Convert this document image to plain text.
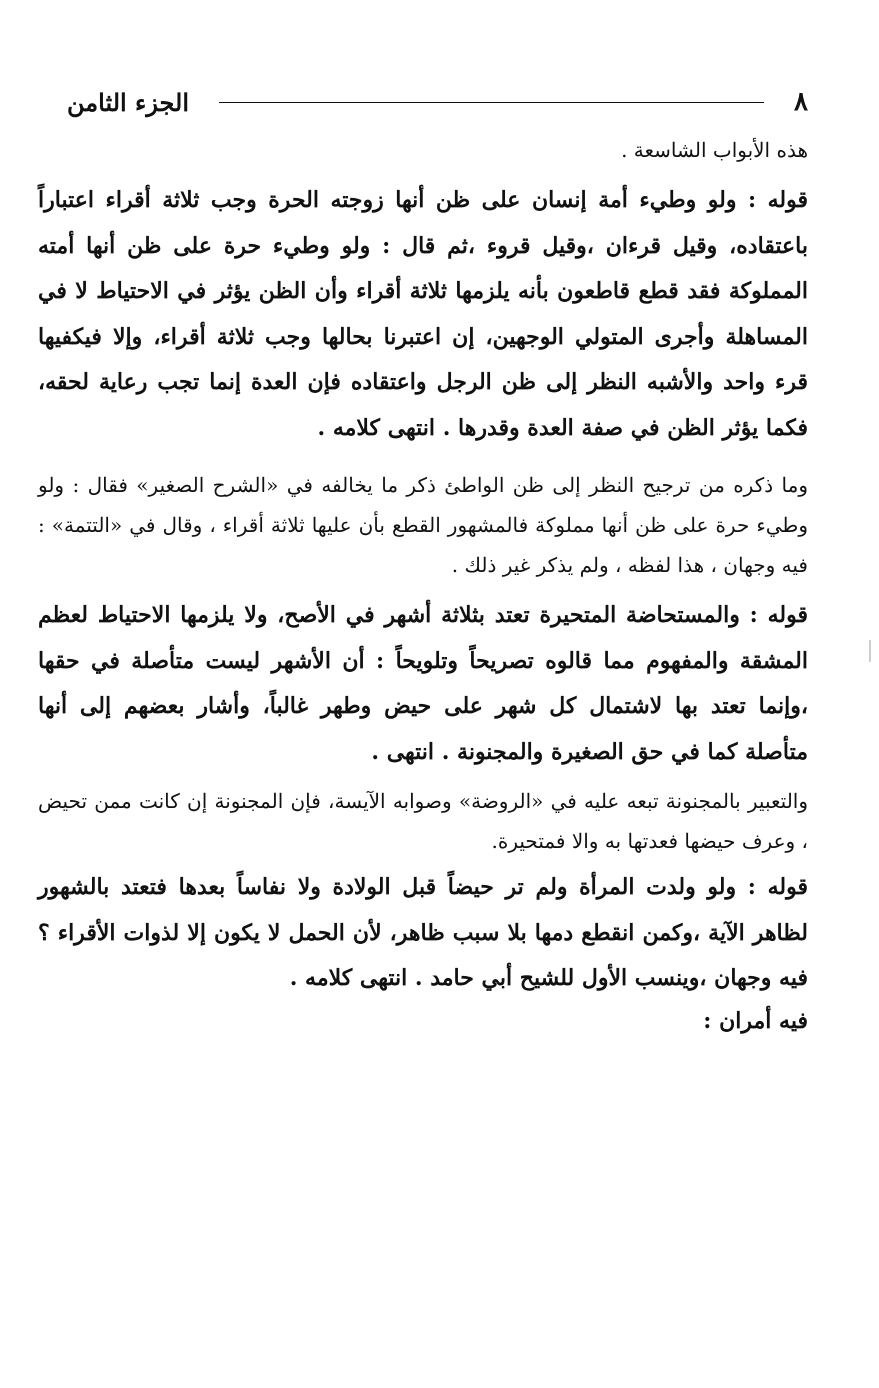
٨
الجزء الثامن

هذه الأبواب الشاسعة .

قوله : ولو وطيء أمة إنسان على ظن أنها زوجته الحرة وجب ثلاثة أقراء اعتباراً باعتقاده، وقيل قرءان ،وقيل قروء ،ثم قال : ولو وطيء حرة على ظن أنها أمته المملوكة فقد قطع قاطعون بأنه يلزمها ثلاثة أقراء وأن الظن يؤثر في الاحتياط لا في المساهلة وأجرى المتولي الوجهين، إن اعتبرنا بحالها وجب ثلاثة أقراء، وإلا فيكفيها قرء واحد والأشبه النظر إلى ظن الرجل واعتقاده فإن العدة إنما تجب رعاية لحقه، فكما يؤثر الظن في صفة العدة وقدرها . انتهى كلامه .

وما ذكره من ترجيح النظر إلى ظن الواطئ ذكر ما يخالفه في «الشرح الصغير» فقال : ولو وطيء حرة على ظن أنها مملوكة فالمشهور القطع بأن عليها ثلاثة أقراء ، وقال في «التتمة» : فيه وجهان ، هذا لفظه ، ولم يذكر غير ذلك .

قوله : والمستحاضة المتحيرة تعتد بثلاثة أشهر في الأصح، ولا يلزمها الاحتياط لعظم المشقة والمفهوم مما قالوه تصريحاً وتلويحاً : أن الأشهر ليست متأصلة في حقها ،وإنما تعتد بها لاشتمال كل شهر على حيض وطهر غالباً، وأشار بعضهم إلى أنها متأصلة كما في حق الصغيرة والمجنونة . انتهى .

والتعبير بالمجنونة تبعه عليه في «الروضة» وصوابه الآيسة، فإن المجنونة إن كانت ممن تحيض ، وعرف حيضها فعدتها به والا فمتحيرة.

قوله : ولو ولدت المرأة ولم تر حيضاً قبل الولادة ولا نفاساً بعدها فتعتد بالشهور لظاهر الآية ،وكمن انقطع دمها بلا سبب ظاهر، لأن الحمل لا يكون إلا لذوات الأقراء ؟ فيه وجهان ،وينسب الأول للشيح أبي حامد . انتهى كلامه .

فيه أمران :
